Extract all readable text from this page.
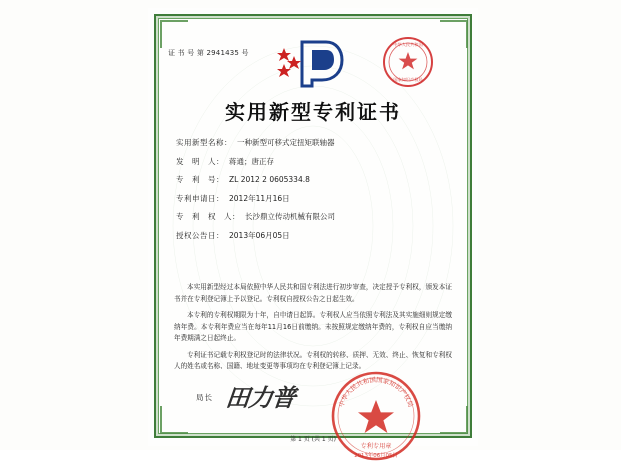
证 书 号 第 2941435 号
中华人民共和国
国家知识产权局
实用新型专利证书
实用新型名称： 一种新型可移式定扭矩联轴器
发　明　人： 蒋通；唐正存
专　利　号： ZL 2012 2 0605334.8
专利申请日： 2012年11月16日
专　利　权　人： 长沙鼎立传动机械有限公司
授权公告日： 2013年06月05日

本实用新型经过本局依照中华人民共和国专利法进行初步审查，决定授予专利权，颁发本证书并在专利登记簿上予以登记。专利权自授权公告之日起生效。

本专利的专利权期限为十年，自申请日起算。专利权人应当依照专利法及其实施细则规定缴纳年费。本专利年费应当在每年11月16日前缴纳。未按照规定缴纳年费的，专利权自应当缴纳年费期满之日起终止。

专利证书记载专利权登记时的法律状况。专利权的转移、质押、无效、终止、恢复和专利权人的姓名或名称、国籍、地址变更等事项均在专利登记簿上记录。

局长 田力普	中华人民共和国国家知识产权局
专利专用章
2013年06月05日
第 1 页 (共 1 页)
